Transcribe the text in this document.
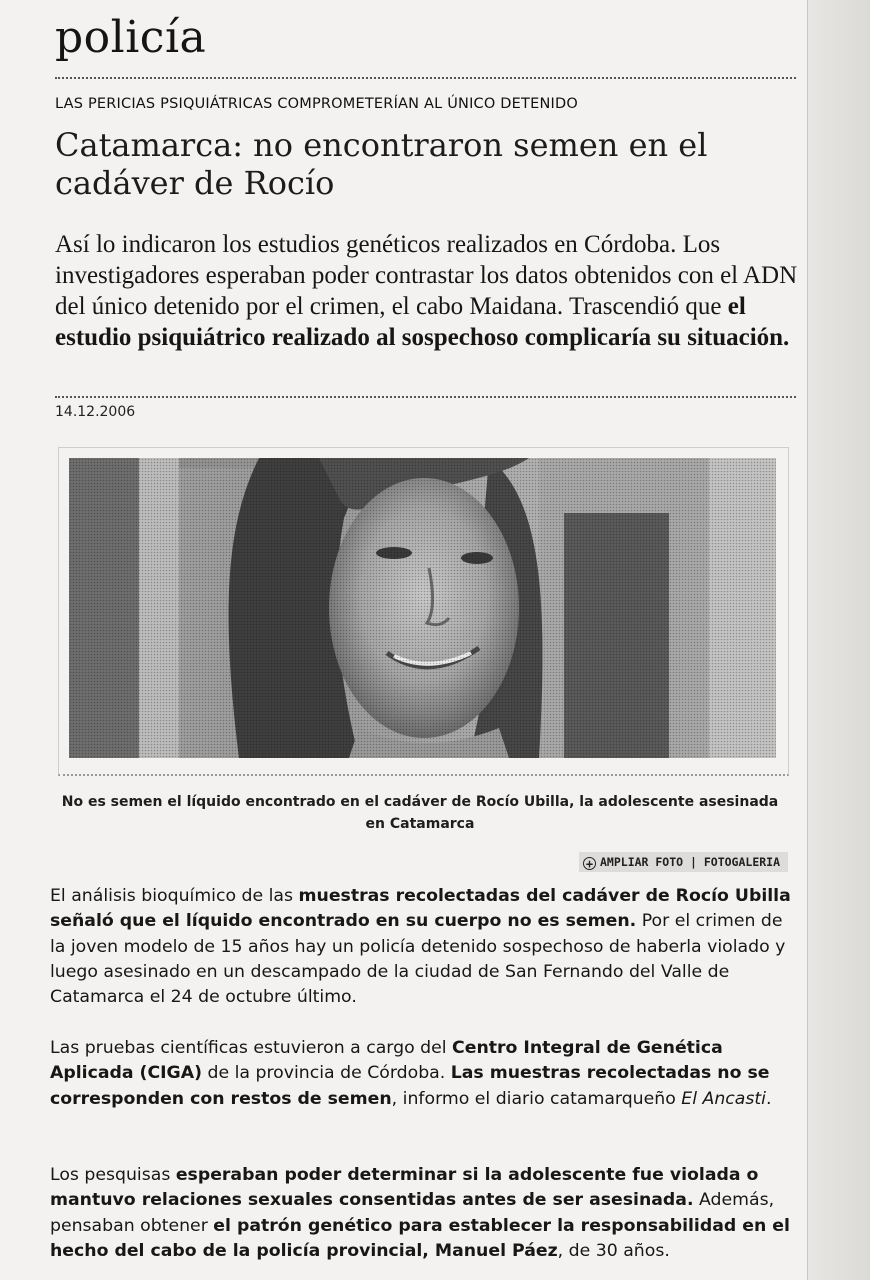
policía
LAS PERICIAS PSIQUIÁTRICAS COMPROMETERÍAN AL ÚNICO DETENIDO
Catamarca: no encontraron semen en el cadáver de Rocío
Así lo indicaron los estudios genéticos realizados en Córdoba. Los investigadores esperaban poder contrastar los datos obtenidos con el ADN del único detenido por el crimen, el cabo Maidana. Trascendió que el estudio psiquiátrico realizado al sospechoso complicaría su situación.
14.12.2006
No es semen el líquido encontrado en el cadáver de Rocío Ubilla, la adolescente asesinada en Catamarca
+ AMPLIAR FOTO | FOTOGALERIA
El análisis bioquímico de las muestras recolectadas del cadáver de Rocío Ubilla señaló que el líquido encontrado en su cuerpo no es semen. Por el crimen de la joven modelo de 15 años hay un policía detenido sospechoso de haberla violado y luego asesinado en un descampado de la ciudad de San Fernando del Valle de Catamarca el 24 de octubre último.
Las pruebas científicas estuvieron a cargo del Centro Integral de Genética Aplicada (CIGA) de la provincia de Córdoba. Las muestras recolectadas no se corresponden con restos de semen, informo el diario catamarqueño El Ancasti.
Los pesquisas esperaban poder determinar si la adolescente fue violada o mantuvo relaciones sexuales consentidas antes de ser asesinada. Además, pensaban obtener el patrón genético para establecer la responsabilidad en el hecho del cabo de la policía provincial, Manuel Páez, de 30 años.
